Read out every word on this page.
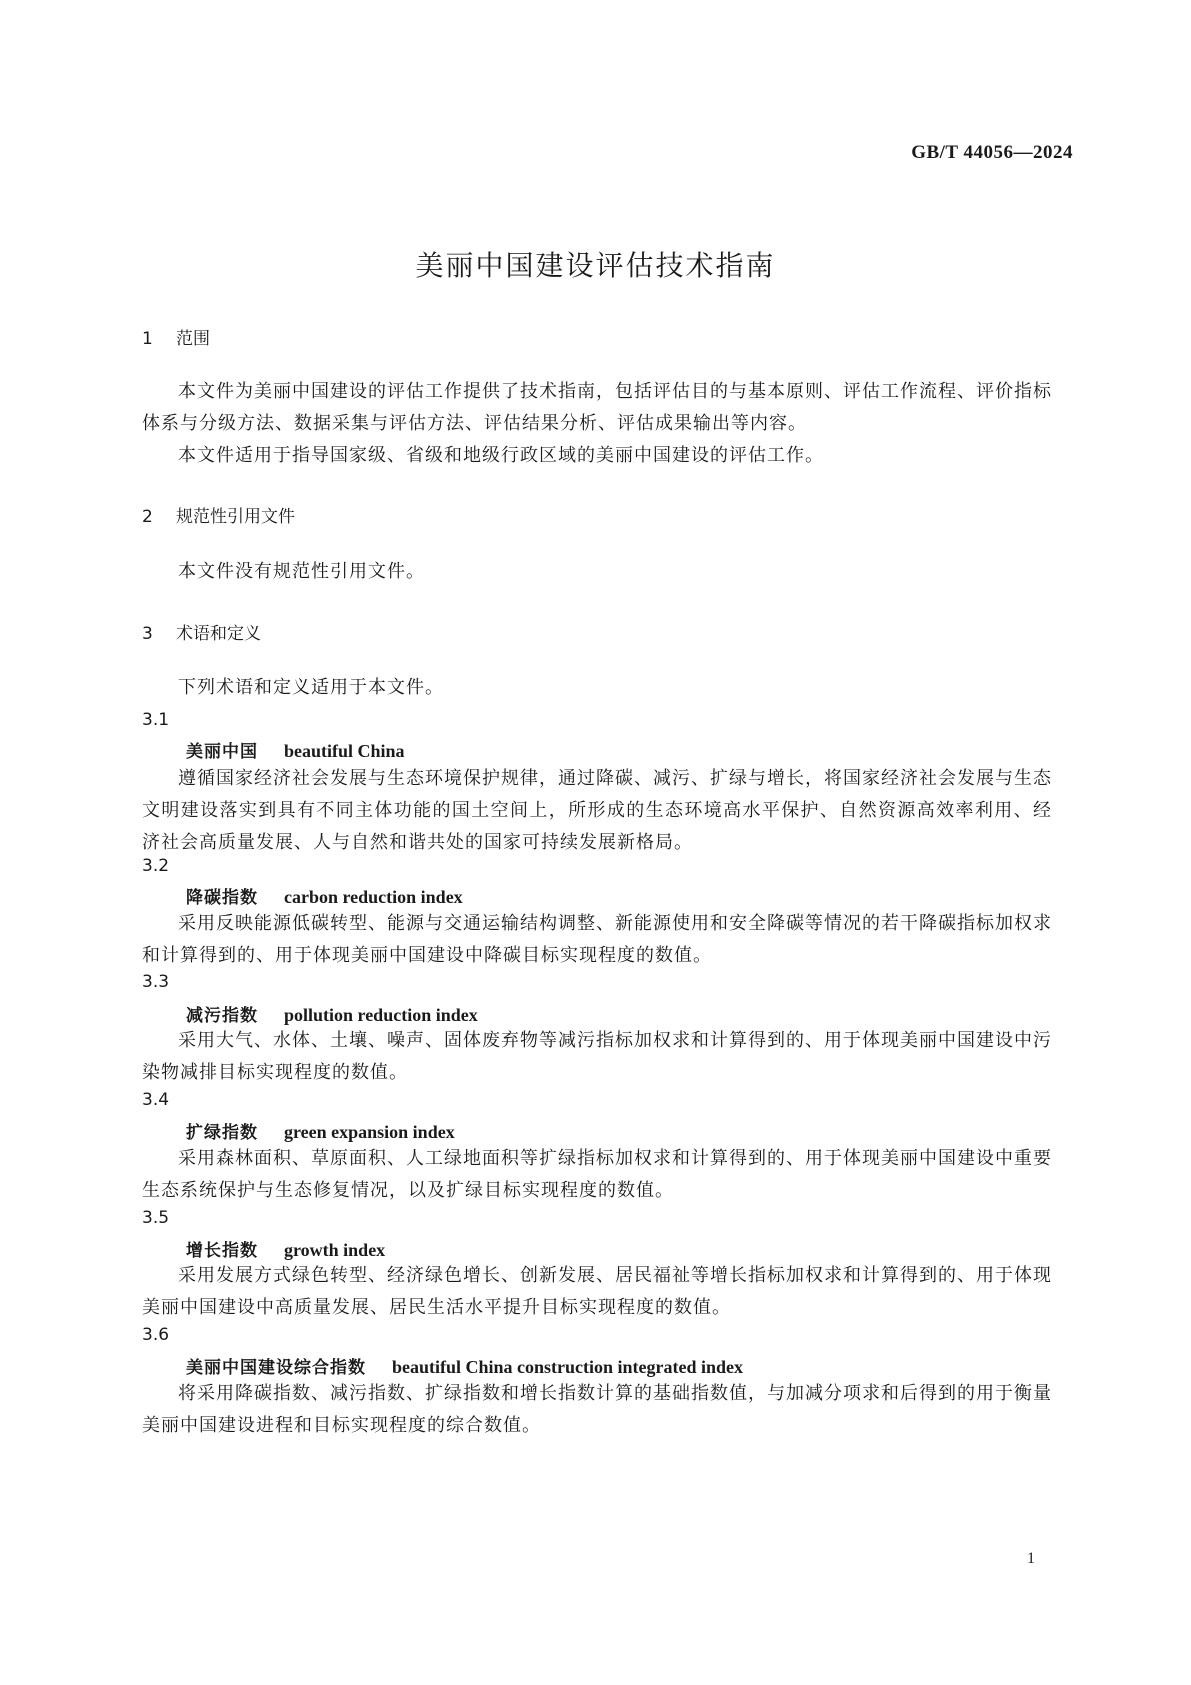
GB/T 44056—2024
美丽中国建设评估技术指南
1 范围

本文件为美丽中国建设的评估工作提供了技术指南，包括评估目的与基本原则、评估工作流程、评价指标体系与分级方法、数据采集与评估方法、评估结果分析、评估成果输出等内容。

本文件适用于指导国家级、省级和地级行政区域的美丽中国建设的评估工作。

2 规范性引用文件

本文件没有规范性引用文件。

3 术语和定义

下列术语和定义适用于本文件。

3.1
美丽中国 beautiful China

遵循国家经济社会发展与生态环境保护规律，通过降碳、减污、扩绿与增长，将国家经济社会发展与生态文明建设落实到具有不同主体功能的国土空间上，所形成的生态环境高水平保护、自然资源高效率利用、经济社会高质量发展、人与自然和谐共处的国家可持续发展新格局。

3.2
降碳指数 carbon reduction index

采用反映能源低碳转型、能源与交通运输结构调整、新能源使用和安全降碳等情况的若干降碳指标加权求和计算得到的、用于体现美丽中国建设中降碳目标实现程度的数值。

3.3
减污指数 pollution reduction index

采用大气、水体、土壤、噪声、固体废弃物等减污指标加权求和计算得到的、用于体现美丽中国建设中污染物减排目标实现程度的数值。

3.4
扩绿指数 green expansion index

采用森林面积、草原面积、人工绿地面积等扩绿指标加权求和计算得到的、用于体现美丽中国建设中重要生态系统保护与生态修复情况，以及扩绿目标实现程度的数值。

3.5
增长指数 growth index

采用发展方式绿色转型、经济绿色增长、创新发展、居民福祉等增长指标加权求和计算得到的、用于体现美丽中国建设中高质量发展、居民生活水平提升目标实现程度的数值。

3.6
美丽中国建设综合指数 beautiful China construction integrated index

将采用降碳指数、减污指数、扩绿指数和增长指数计算的基础指数值，与加减分项求和后得到的用于衡量美丽中国建设进程和目标实现程度的综合数值。

1
